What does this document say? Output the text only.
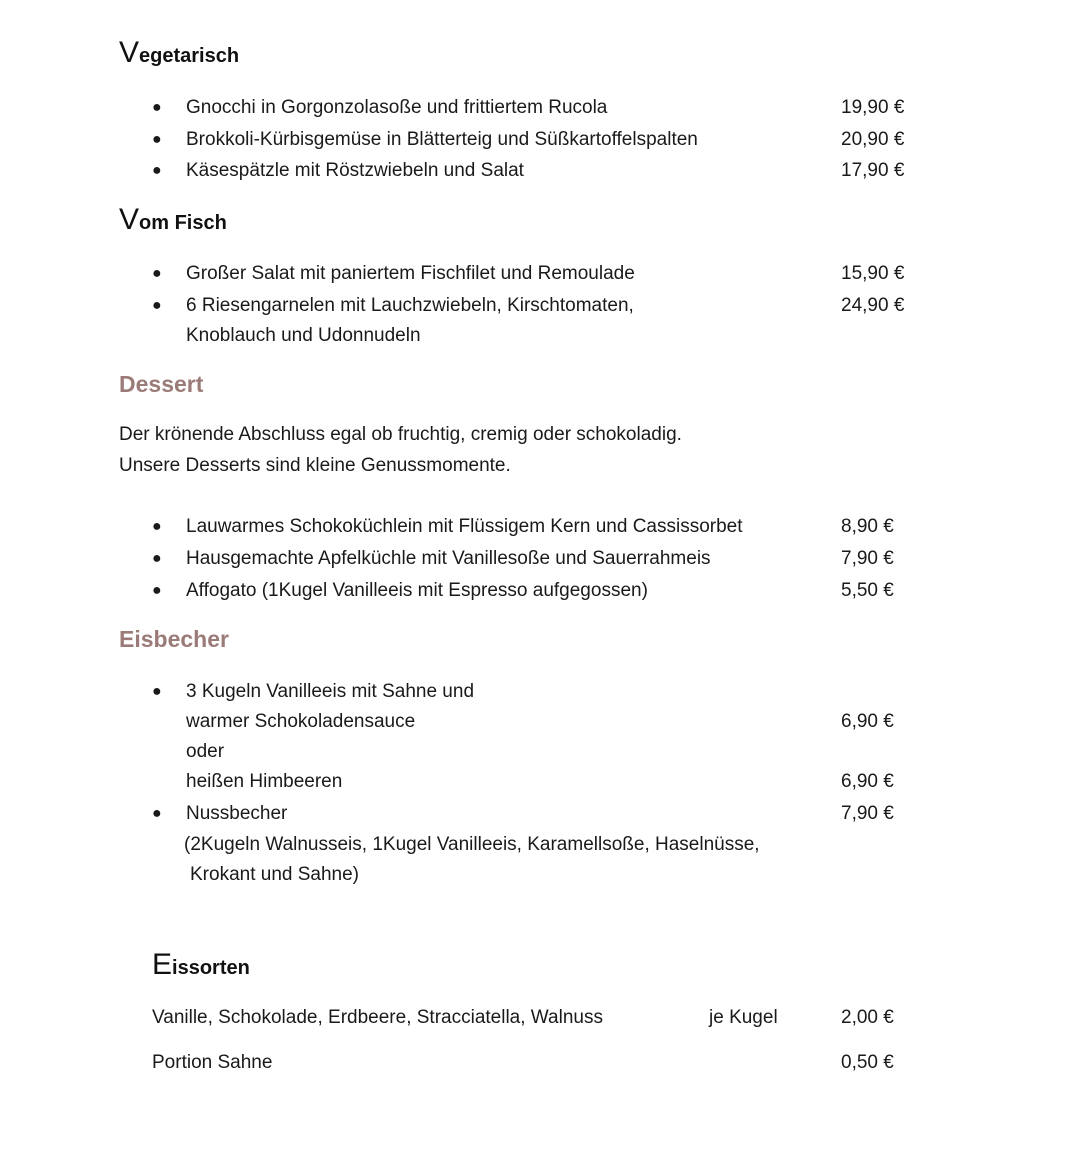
Vegetarisch
● Gnocchi in Gorgonzolasoße und frittiertem Rucola	19,90 €
● Brokkoli-Kürbisgemüse in Blätterteig und Süßkartoffelspalten	20,90 €
● Käsespätzle mit Röstzwiebeln und Salat	17,90 €
Vom Fisch
● Großer Salat mit paniertem Fischfilet und Remoulade	15,90 €
● 6 Riesengarnelen mit Lauchzwiebeln, Kirschtomaten,	24,90 €
Knoblauch und Udonnudeln
Dessert
Der krönende Abschluss egal ob fruchtig, cremig oder schokoladig.
Unsere Desserts sind kleine Genussmomente.
● Lauwarmes Schokoküchlein mit Flüssigem Kern und Cassissorbet	8,90 €
● Hausgemachte Apfelküchle mit Vanillesoße und Sauerrahmeis	7,90 €
● Affogato (1Kugel Vanilleeis mit Espresso aufgegossen)	5,50 €
Eisbecher
● 3 Kugeln Vanilleeis mit Sahne und
warmer Schokoladensauce	6,90 €
oder
heißen Himbeeren	6,90 €
● Nussbecher	7,90 €
(2Kugeln Walnusseis, 1Kugel Vanilleeis, Karamellsoße, Haselnüsse,
Krokant und Sahne)
Eissorten
Vanille, Schokolade, Erdbeere, Stracciatella, Walnuss	je Kugel	2,00 €
Portion Sahne	0,50 €
